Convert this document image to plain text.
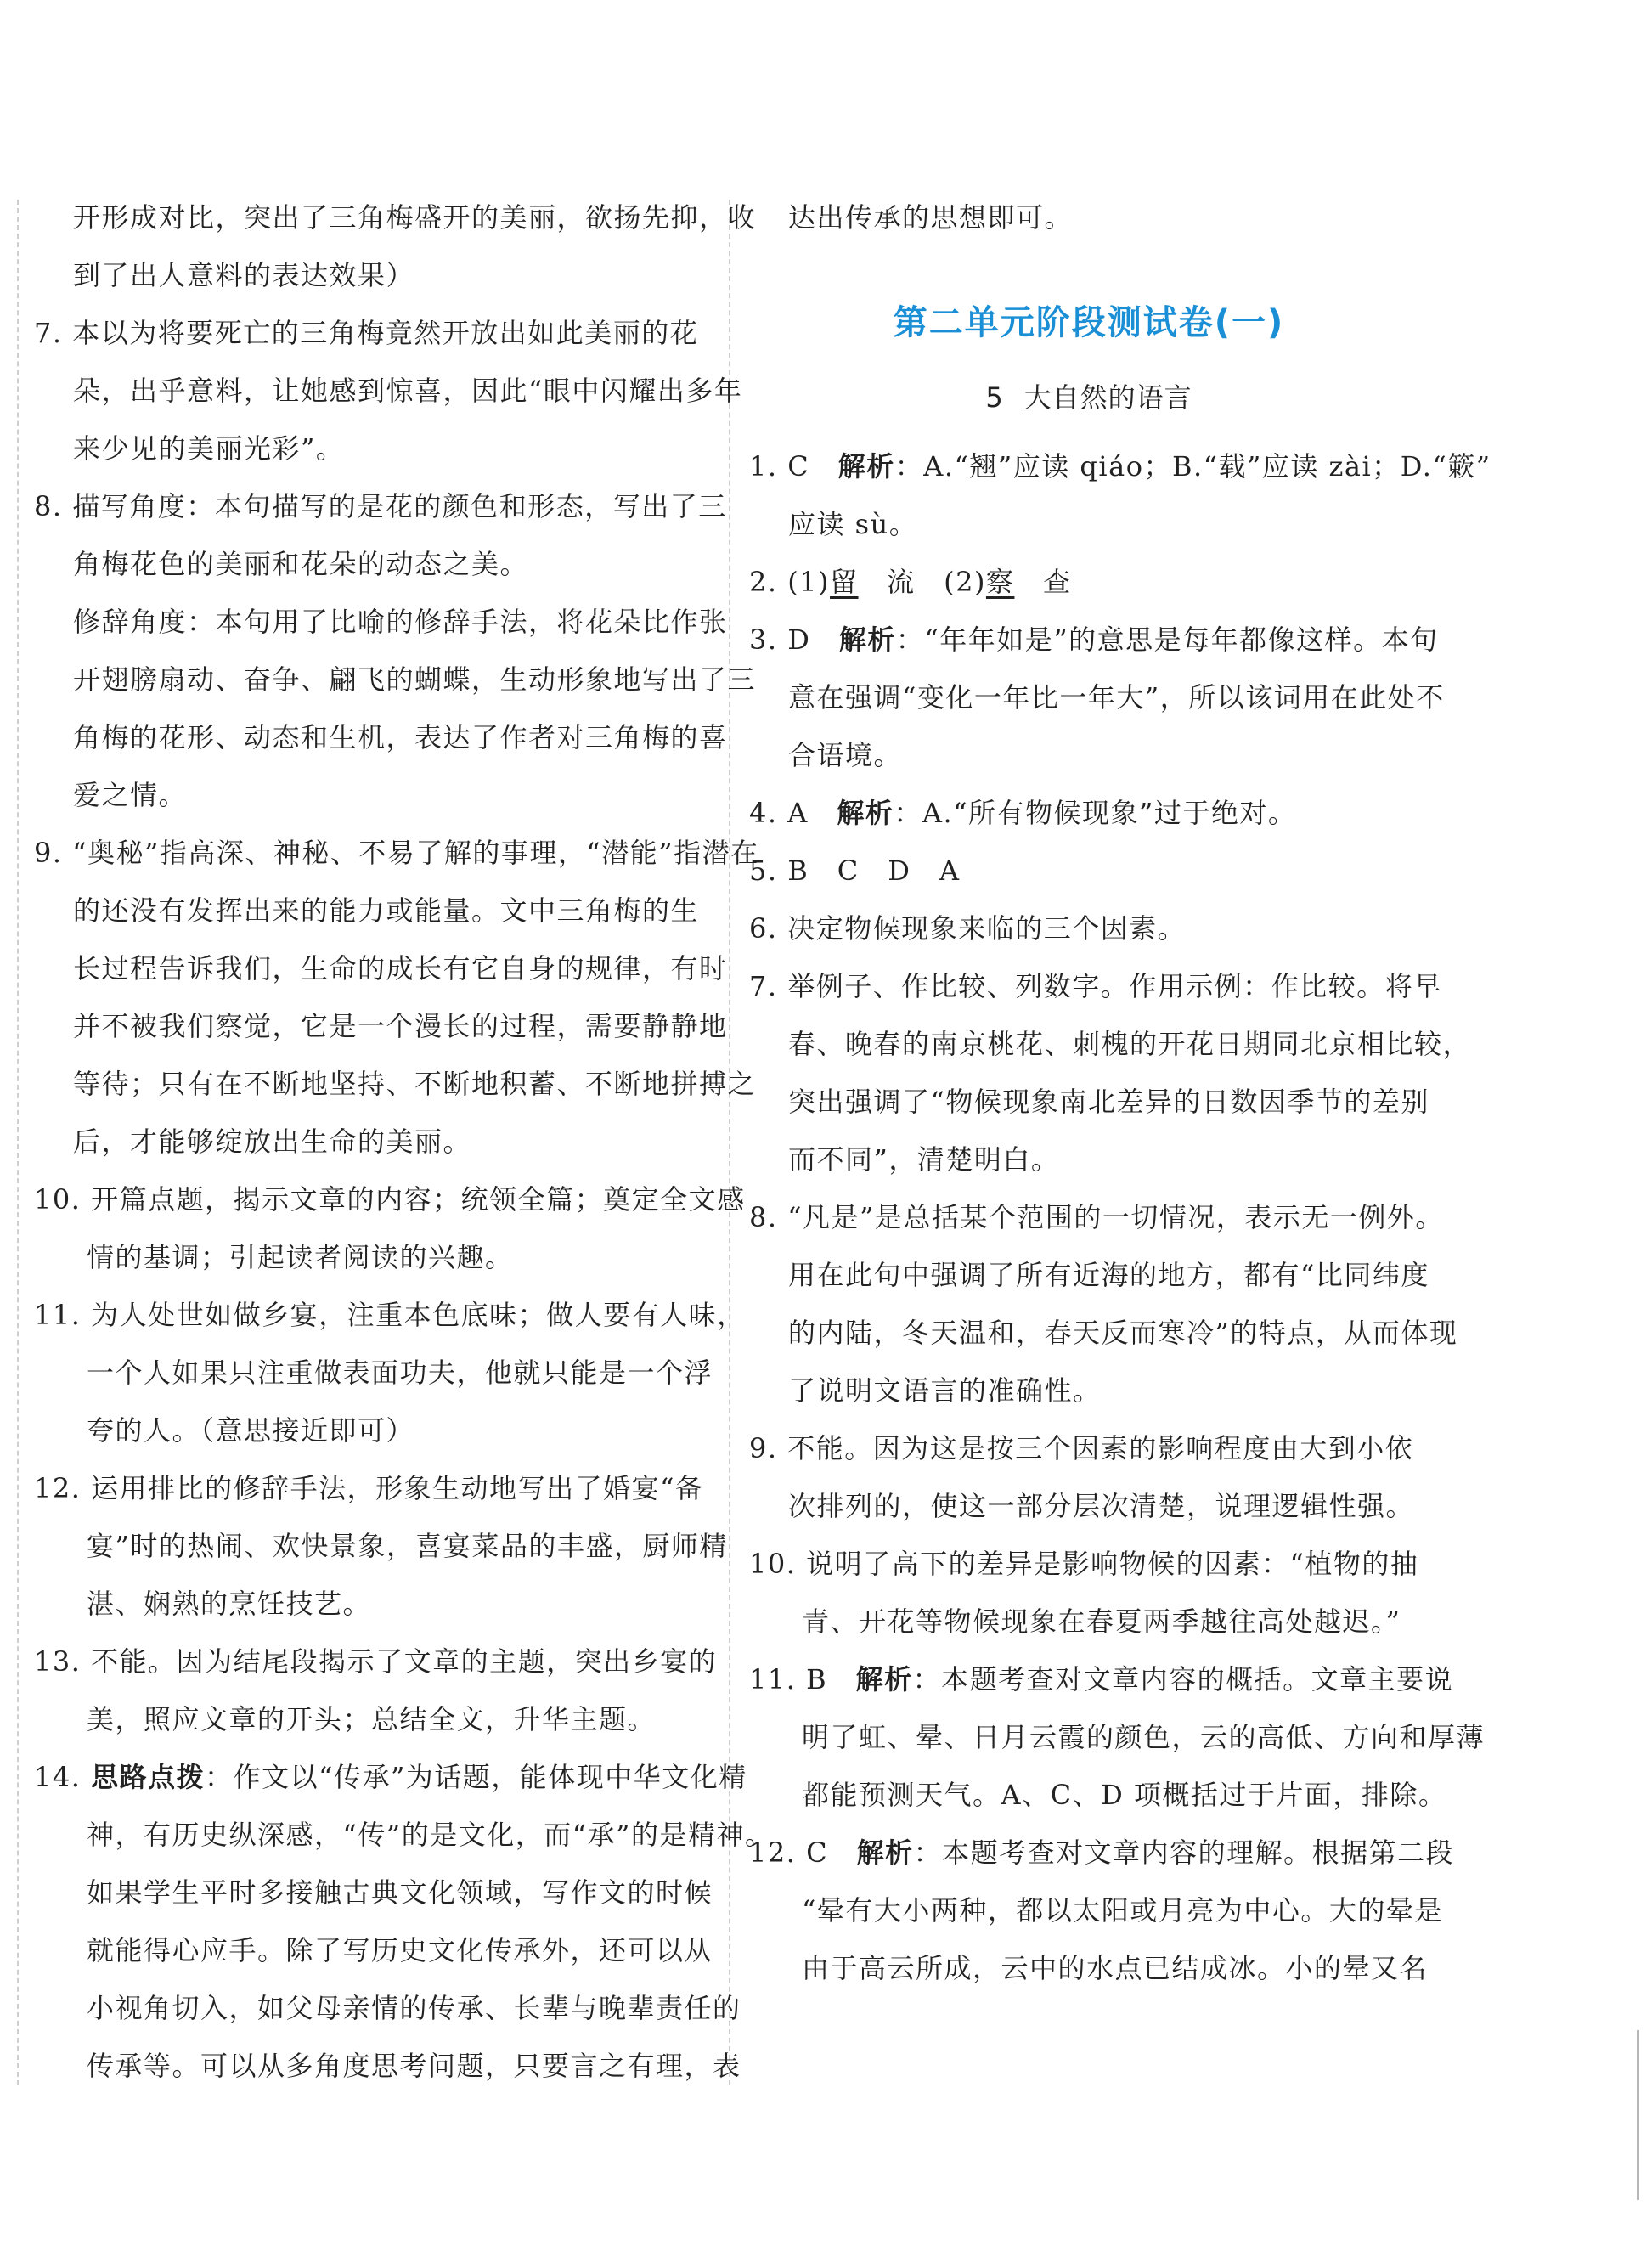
开形成对比，突出了三角梅盛开的美丽，欲扬先抑，收

到了出人意料的表达效果）

7. 本以为将要死亡的三角梅竟然开放出如此美丽的花

朵，出乎意料，让她感到惊喜，因此“眼中闪耀出多年

来少见的美丽光彩”。

8. 描写角度：本句描写的是花的颜色和形态，写出了三

角梅花色的美丽和花朵的动态之美。

修辞角度：本句用了比喻的修辞手法，将花朵比作张

开翅膀扇动、奋争、翩飞的蝴蝶，生动形象地写出了三

角梅的花形、动态和生机，表达了作者对三角梅的喜

爱之情。

9. “奥秘”指高深、神秘、不易了解的事理，“潜能”指潜在

的还没有发挥出来的能力或能量。文中三角梅的生

长过程告诉我们，生命的成长有它自身的规律，有时

并不被我们察觉，它是一个漫长的过程，需要静静地

等待；只有在不断地坚持、不断地积蓄、不断地拼搏之

后，才能够绽放出生命的美丽。

10. 开篇点题，揭示文章的内容；统领全篇；奠定全文感

情的基调；引起读者阅读的兴趣。

11. 为人处世如做乡宴，注重本色底味；做人要有人味，

一个人如果只注重做表面功夫，他就只能是一个浮

夸的人。（意思接近即可）

12. 运用排比的修辞手法，形象生动地写出了婚宴“备

宴”时的热闹、欢快景象，喜宴菜品的丰盛，厨师精

湛、娴熟的烹饪技艺。

13. 不能。因为结尾段揭示了文章的主题，突出乡宴的

美，照应文章的开头；总结全文，升华主题。

14. 思路点拨：作文以“传承”为话题，能体现中华文化精

神，有历史纵深感，“传”的是文化，而“承”的是精神。

如果学生平时多接触古典文化领域，写作文的时候

就能得心应手。除了写历史文化传承外，还可以从

小视角切入，如父母亲情的传承、长辈与晚辈责任的

传承等。可以从多角度思考问题，只要言之有理，表

达出传承的思想即可。

第二单元阶段测试卷(一)
5 大自然的语言

1. C　解析：A.“翘”应读 qiáo；B.“载”应读 zài；D.“簌”

应读 sù。

2. (1)留　 流　 (2)察　 查

3. D　解析：“年年如是”的意思是每年都像这样。本句

意在强调“变化一年比一年大”，所以该词用在此处不

合语境。

4. A　解析：A.“所有物候现象”过于绝对。

5. B　C　D　A

6. 决定物候现象来临的三个因素。

7. 举例子、作比较、列数字。作用示例：作比较。将早

春、晚春的南京桃花、刺槐的开花日期同北京相比较，

突出强调了“物候现象南北差异的日数因季节的差别

而不同”，清楚明白。

8. “凡是”是总括某个范围的一切情况，表示无一例外。

用在此句中强调了所有近海的地方，都有“比同纬度

的内陆，冬天温和，春天反而寒冷”的特点，从而体现

了说明文语言的准确性。

9. 不能。因为这是按三个因素的影响程度由大到小依

次排列的，使这一部分层次清楚，说理逻辑性强。

10. 说明了高下的差异是影响物候的因素：“植物的抽

青、开花等物候现象在春夏两季越往高处越迟。”

11. B　解析：本题考查对文章内容的概括。文章主要说

明了虹、晕、日月云霞的颜色，云的高低、方向和厚薄

都能预测天气。A、C、D 项概括过于片面，排除。

12. C　解析：本题考查对文章内容的理解。根据第二段

“晕有大小两种，都以太阳或月亮为中心。大的晕是

由于高云所成，云中的水点已结成冰。小的晕又名
